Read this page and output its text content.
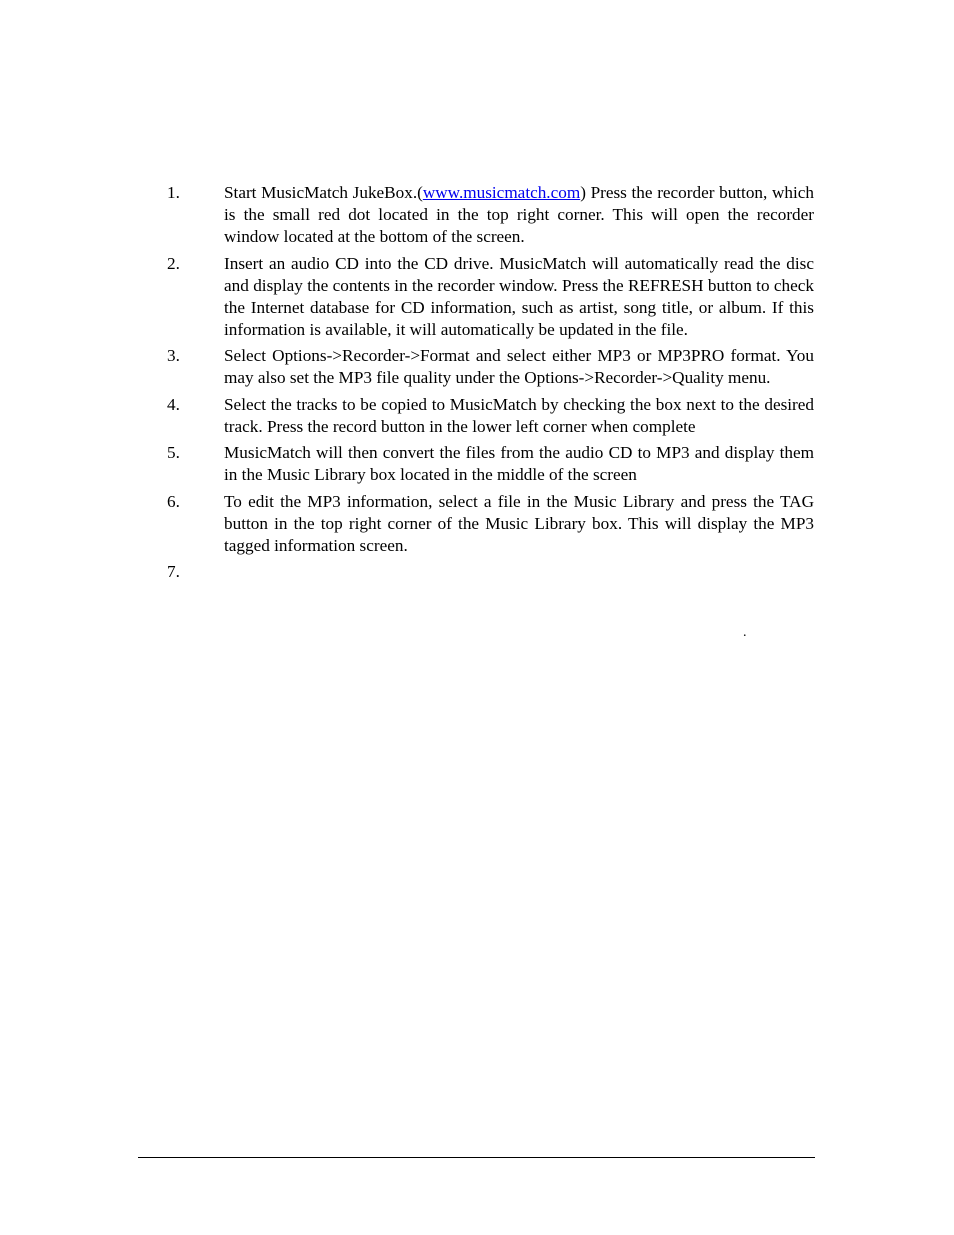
1.	Start MusicMatch JukeBox.(www.musicmatch.com) Press the recorder button, which is the small red dot located in the top right corner. This will open the recorder window located at the bottom of the screen.
2.	Insert an audio CD into the CD drive. MusicMatch will automatically read the disc and display the contents in the recorder window. Press the REFRESH button to check the Internet database for CD information, such as artist, song title, or album. If this information is available, it will automatically be updated in the file.
3.	Select Options->Recorder->Format and select either MP3 or MP3PRO format. You may also set the MP3 file quality under the Options->Recorder->Quality menu.
4.	Select the tracks to be copied to MusicMatch by checking the box next to the desired track. Press the record button in the lower left corner when complete
5.	MusicMatch will then convert the files from the audio CD to MP3 and display them in the Music Library box located in the middle of the screen
6.	To edit the MP3 information, select a file in the Music Library and press the TAG button in the top right corner of the Music Library box. This will display the MP3 tagged information screen.
7.
.
